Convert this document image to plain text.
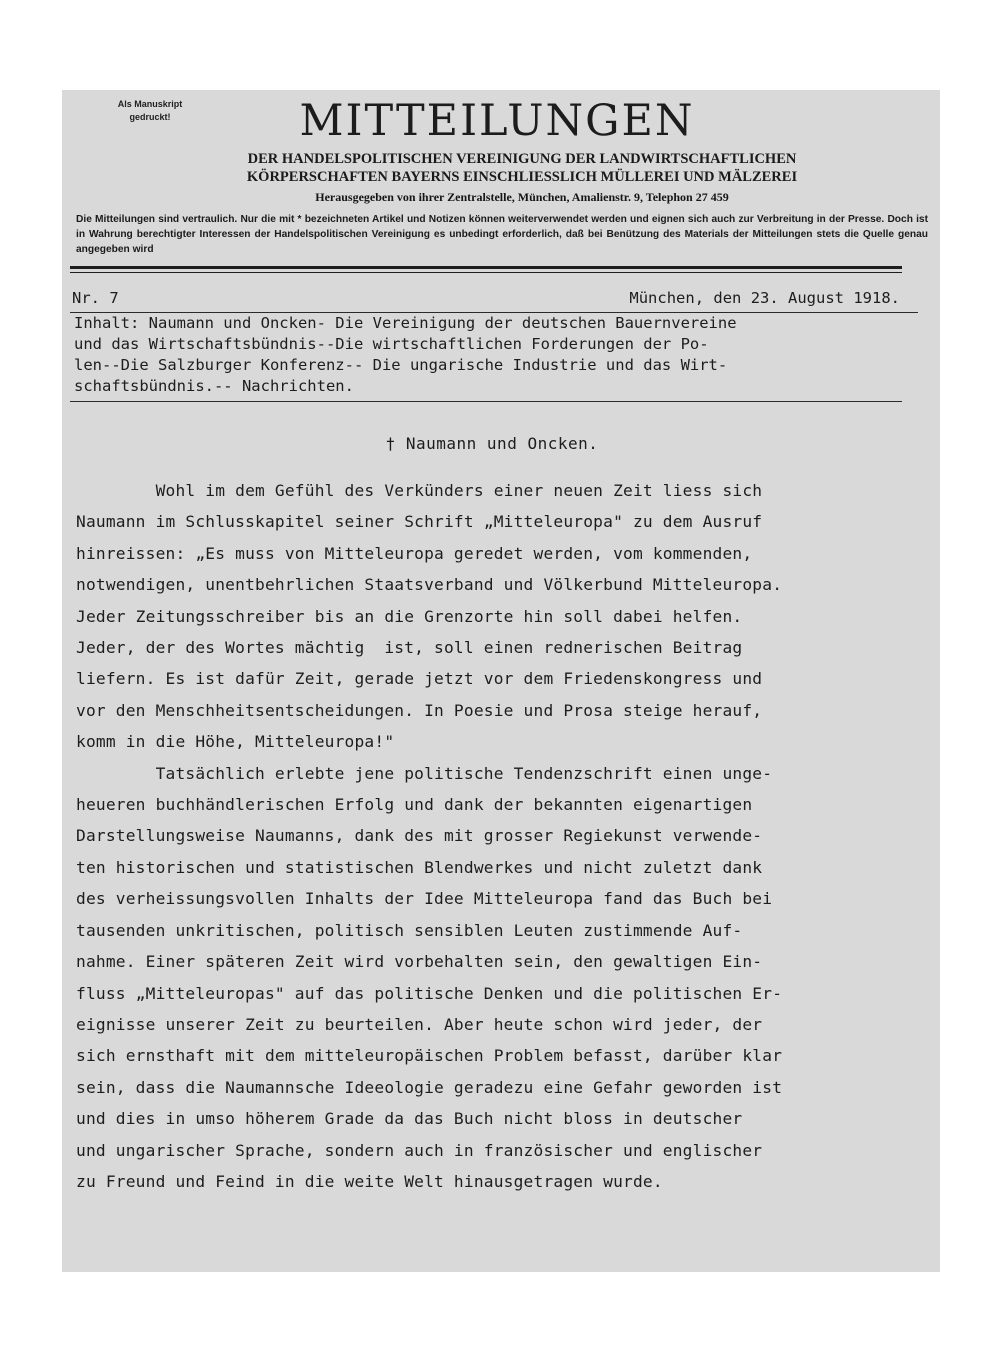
Als Manuskript
gedruckt!	MITTEILUNGEN
DER HANDELSPOLITISCHEN VEREINIGUNG DER LANDWIRTSCHAFTLICHEN
KÖRPERSCHAFTEN BAYERNS EINSCHLIESSLICH MÜLLEREI UND MÄLZEREI
Herausgegeben von ihrer Zentralstelle, München, Amalienstr. 9, Telephon 27 459
Die Mitteilungen sind vertraulich. Nur die mit * bezeichneten Artikel und Notizen können weiterverwendet werden und eignen sich auch zur Verbreitung in der Presse. Doch ist in Wahrung berechtigter Interessen der Handelspolitischen Vereinigung es unbedingt erforderlich, daß bei Benützung des Materials der Mitteilungen stets die Quelle genau angegeben wird
Nr. 7	München, den 23. August 1918.
Inhalt: Naumann und Oncken- Die Vereinigung der deutschen Bauernvereine
und das Wirtschaftsbündnis--Die wirtschaftlichen Forderungen der Po-
len--Die Salzburger Konferenz-- Die ungarische Industrie und das Wirt-
schaftsbündnis.-- Nachrichten.
† Naumann und Oncken.
Wohl im dem Gefühl des Verkünders einer neuen Zeit liess sich
Naumann im Schlusskapitel seiner Schrift „Mitteleuropa" zu dem Ausruf
hinreissen: „Es muss von Mitteleuropa geredet werden, vom kommenden,
notwendigen, unentbehrlichen Staatsverband und Völkerbund Mitteleuropa.
Jeder Zeitungsschreiber bis an die Grenzorte hin soll dabei helfen.
Jeder, der des Wortes mächtig  ist, soll einen rednerischen Beitrag
liefern. Es ist dafür Zeit, gerade jetzt vor dem Friedenskongress und
vor den Menschheitsentscheidungen. In Poesie und Prosa steige herauf,
komm in die Höhe, Mitteleuropa!"
Tatsächlich erlebte jene politische Tendenzschrift einen unge-
heueren buchhändlerischen Erfolg und dank der bekannten eigenartigen
Darstellungsweise Naumanns, dank des mit grosser Regiekunst verwende-
ten historischen und statistischen Blendwerkes und nicht zuletzt dank
des verheissungsvollen Inhalts der Idee Mitteleuropa fand das Buch bei
tausenden unkritischen, politisch sensiblen Leuten zustimmende Auf-
nahme. Einer späteren Zeit wird vorbehalten sein, den gewaltigen Ein-
fluss „Mitteleuropas" auf das politische Denken und die politischen Er-
eignisse unserer Zeit zu beurteilen. Aber heute schon wird jeder, der
sich ernsthaft mit dem mitteleuropäischen Problem befasst, darüber klar
sein, dass die Naumannsche Ideeologie geradezu eine Gefahr geworden ist
und dies in umso höherem Grade da das Buch nicht bloss in deutscher
und ungarischer Sprache, sondern auch in französischer und englischer
zu Freund und Feind in die weite Welt hinausgetragen wurde.
